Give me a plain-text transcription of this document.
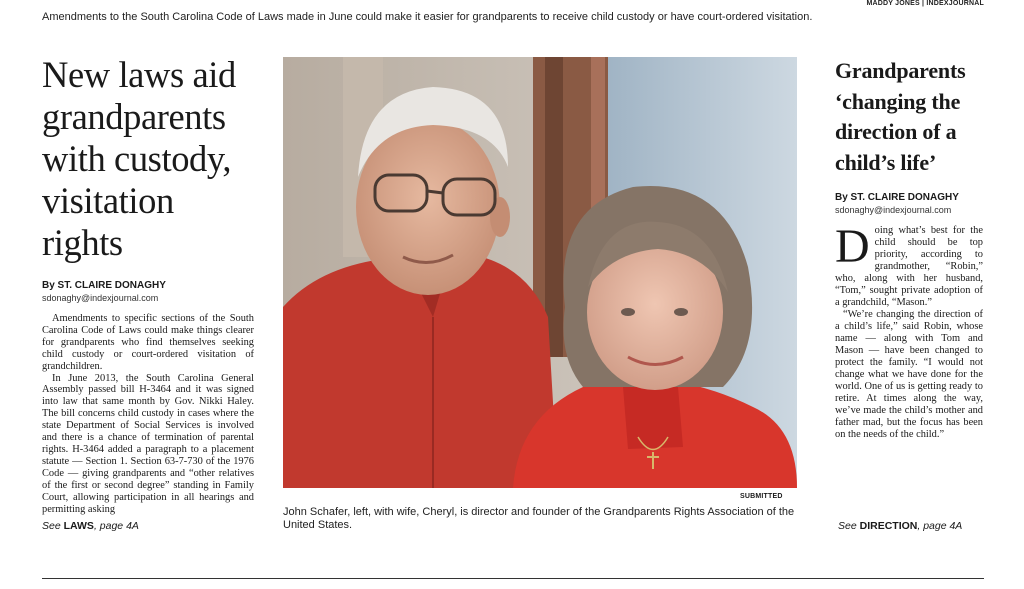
MADDY JONES | INDEXJOURNAL
Amendments to the South Carolina Code of Laws made in June could make it easier for grandparents to receive child custody or have court-ordered visitation.
New laws aid grandparents with custody, visitation rights
By ST. CLAIRE DONAGHY
sdonaghy@indexjournal.com

Amendments to specific sections of the South Carolina Code of Laws could make things clearer for grandparents who find themselves seeking child custody or court-ordered visitation of grandchildren.

In June 2013, the South Carolina General Assembly passed bill H-3464 and it was signed into law that same month by Gov. Nikki Haley. The bill concerns child custody in cases where the state Department of Social Services is involved and there is a chance of termination of parental rights. H-3464 added a paragraph to a placement statute — Section 1. Section 63-7-730 of the 1976 Code — giving grandparents and “other relatives of the first or second degree” standing in Family Court, allowing participation in all hearings and permitting asking

See LAWS, page 4A
SUBMITTED
John Schafer, left, with wife, Cheryl, is director and founder of the Grandparents Rights Association of the United States.
Grandparents ‘changing the direction of a child’s life’
By ST. CLAIRE DONAGHY
sdonaghy@indexjournal.com

Doing what’s best for the child should be top priority, according to grandmother, “Robin,” who, along with her husband, “Tom,” sought private adoption of a grandchild, “Mason.”

“We’re changing the direction of a child’s life,” said Robin, whose name — along with Tom and Mason — have been changed to protect the family. “I would not change what we have done for the world. One of us is getting ready to retire. At times along the way, we’ve made the child’s mother and father mad, but the focus has been on the needs of the child.”

See DIRECTION, page 4A
